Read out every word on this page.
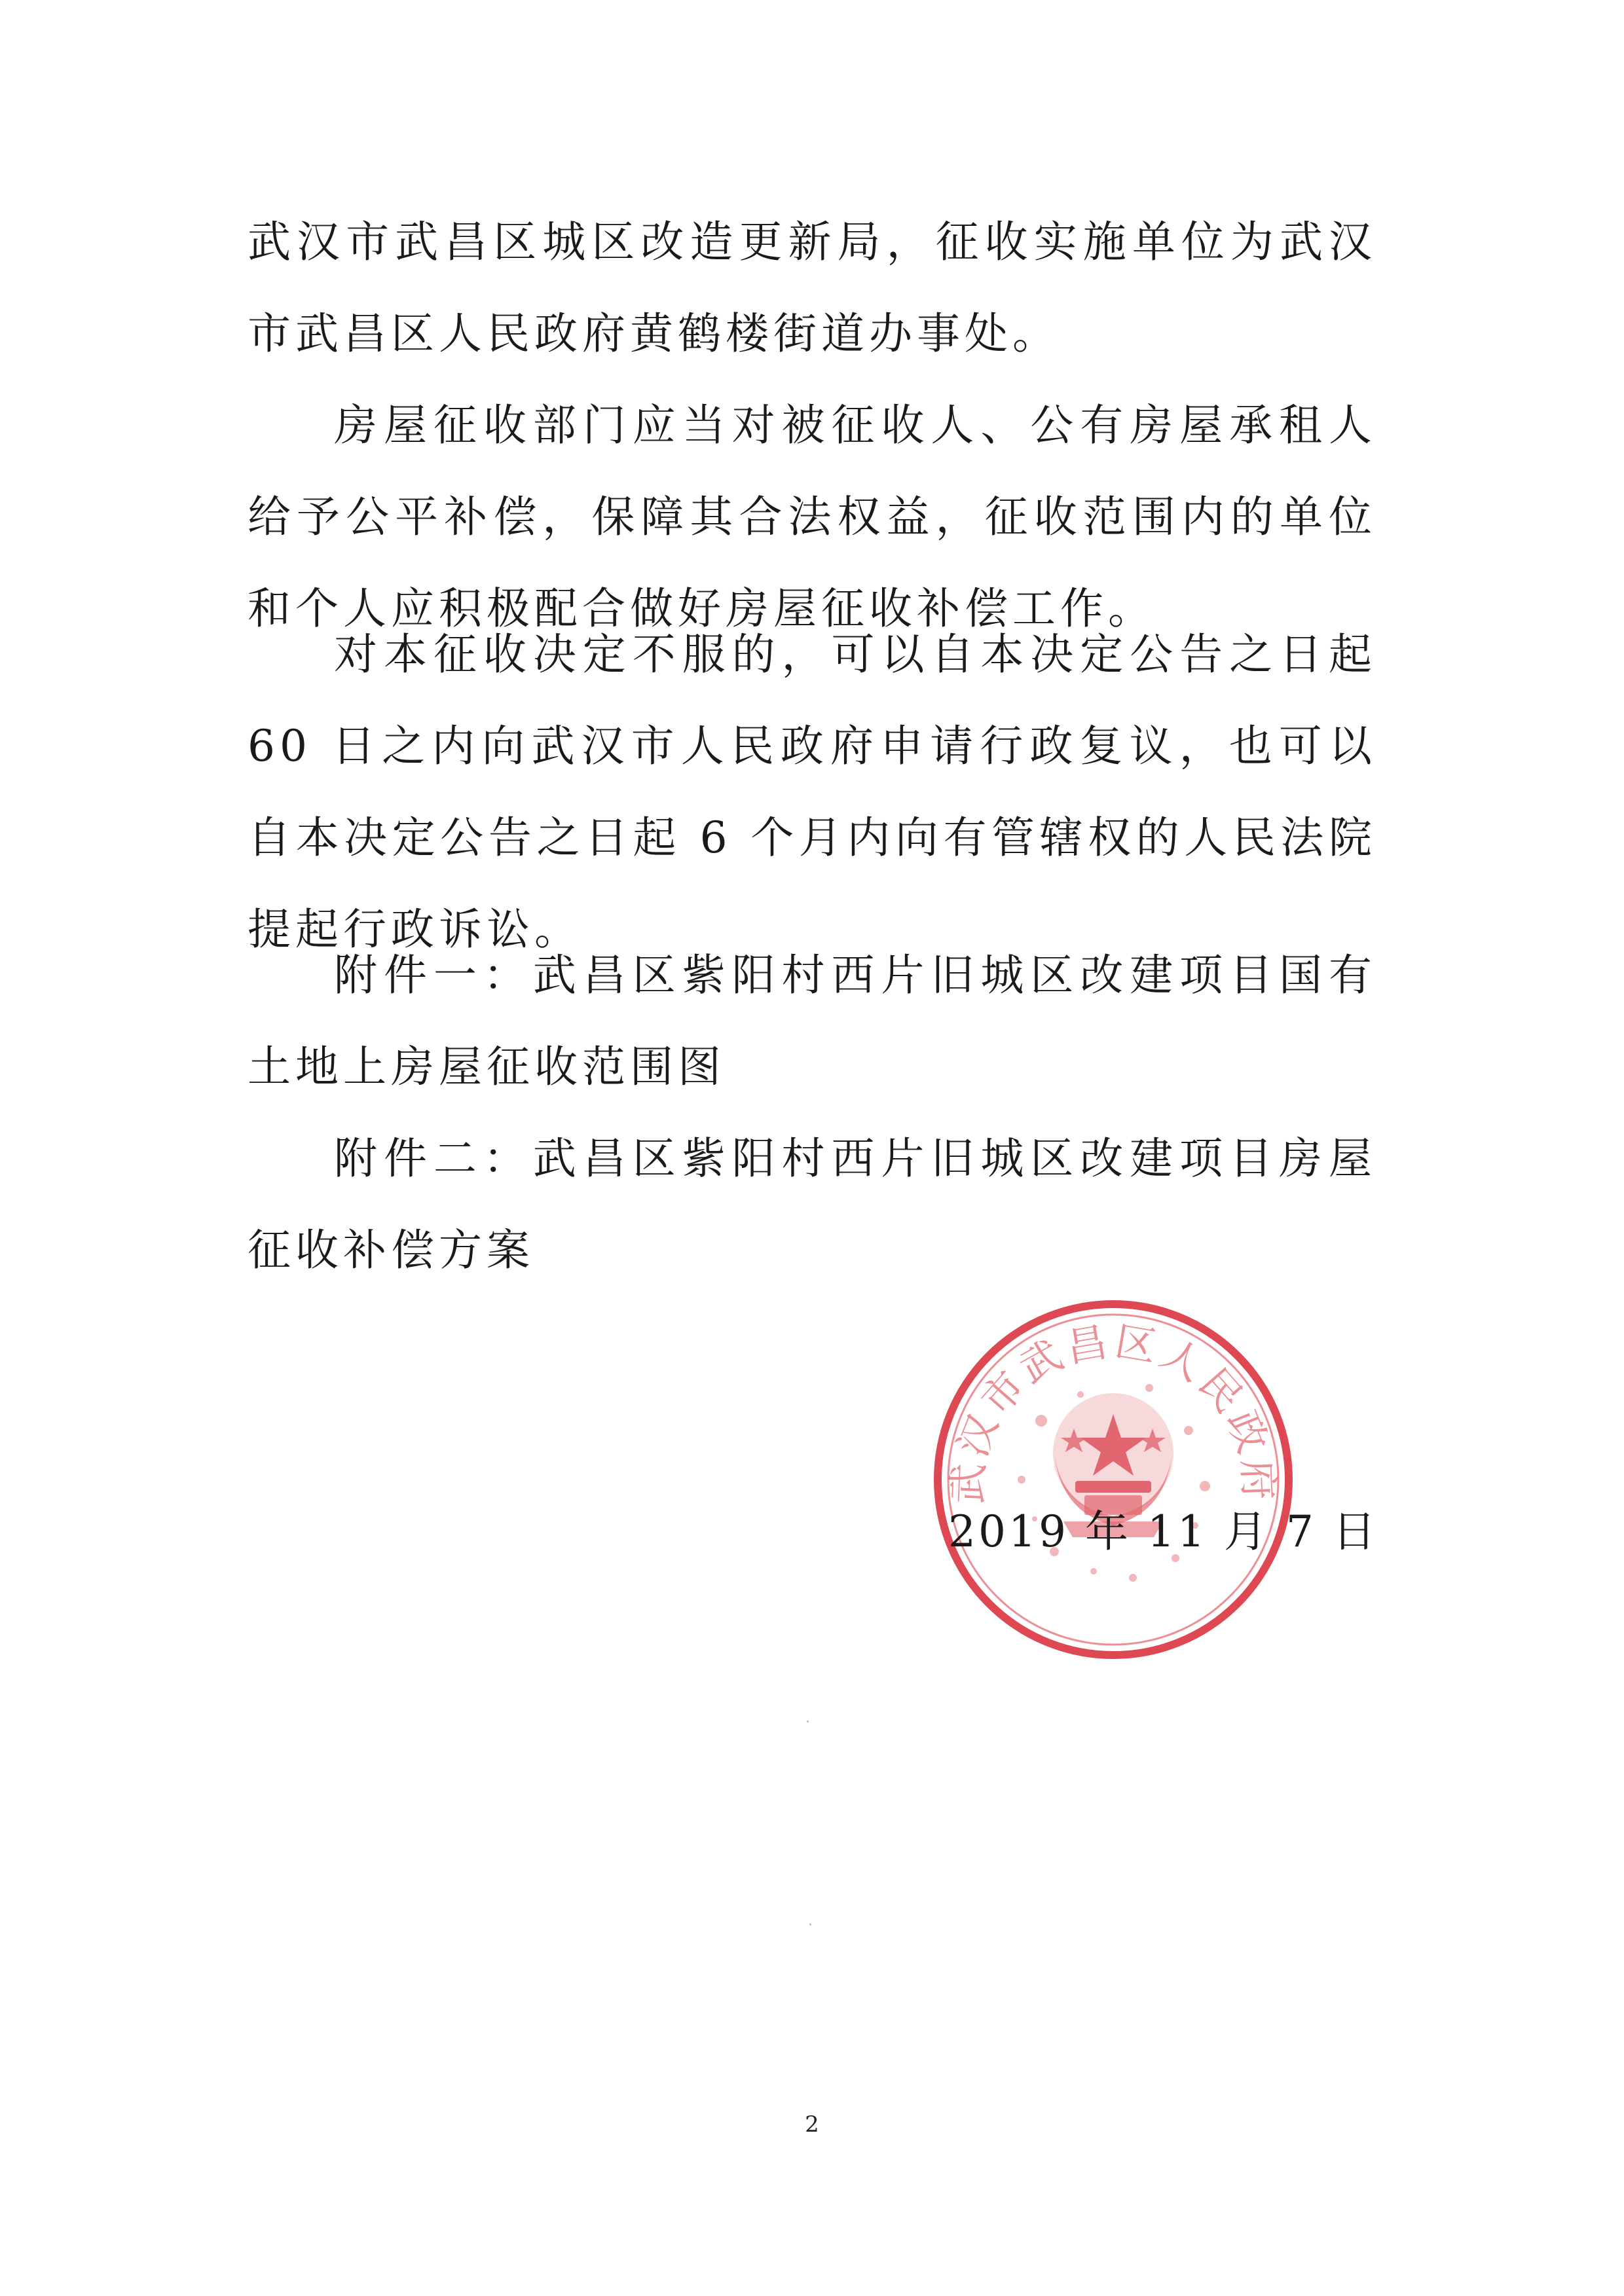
武汉市武昌区城区改造更新局，征收实施单位为武汉市武昌区人民政府黄鹤楼街道办事处。

房屋征收部门应当对被征收人、公有房屋承租人给予公平补偿，保障其合法权益，征收范围内的单位和个人应积极配合做好房屋征收补偿工作。

对本征收决定不服的，可以自本决定公告之日起 60 日之内向武汉市人民政府申请行政复议，也可以自本决定公告之日起 6 个月内向有管辖权的人民法院提起行政诉讼。

附件一：武昌区紫阳村西片旧城区改建项目国有土地上房屋征收范围图

附件二：武昌区紫阳村西片旧城区改建项目房屋征收补偿方案

武汉市武昌区人民政府
2019 年 11 月 7 日
2
